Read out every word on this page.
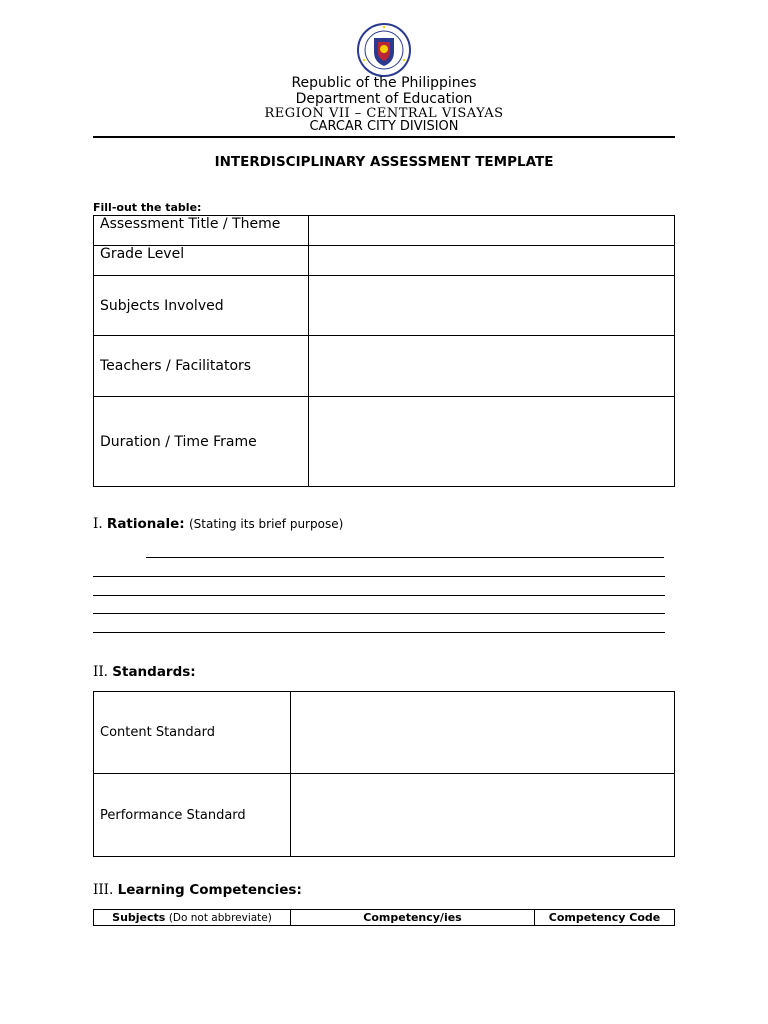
Republic of the Philippines
Department of Education
REGION VII – CENTRAL VISAYAS
CARCAR CITY DIVISION
INTERDISCIPLINARY ASSESSMENT TEMPLATE
Fill-out the table:
Assessment Title / Theme	
Grade Level	
Subjects Involved	
Teachers / Facilitators	
Duration / Time Frame	
I. Rationale: (Stating its brief purpose)
II. Standards:
Content Standard	
Performance Standard	
III. Learning Competencies:
Subjects (Do not abbreviate)	Competency/ies	Competency Code
